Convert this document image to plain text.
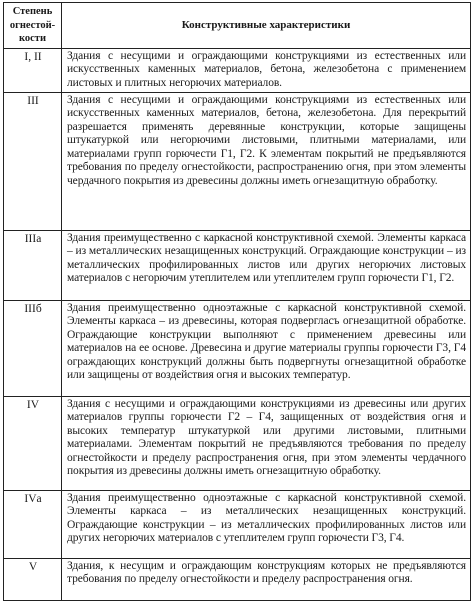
Степень огнестой-кости	Конструктивные характеристики
I, II	Здания с несущими и ограждающими конструкциями из естественных или искусственных каменных материалов, бетона, железобетона с применением листовых и плитных негорючих материалов.
III	Здания с несущими и ограждающими конструкциями из естественных или искусственных каменных материалов, бетона, железобетона. Для перекрытий разрешается применять деревянные конструкции, которые защищены штукатуркой или негорючими листовыми, плитными материалами, или материалами групп горючести Г1, Г2. К элементам покрытий не предъявляются требования по пределу огнестойкости, распространению огня, при этом элементы чердачного покрытия из древесины должны иметь огнезащитную обработку.
IIIа	Здания преимущественно с каркасной конструктивной схемой. Элементы каркаса – из металлических незащищенных конструкций. Ограждающие конструкции – из металлических профилированных листов или других негорючих листовых материалов с негорючим утеплителем или утеплителем групп горючести Г1, Г2.
IIIб	Здания преимущественно одноэтажные с каркасной конструктивной схемой. Элементы каркаса – из древесины, которая подвергласъ огнезащитной обработке. Ограждающие конструкции выполняют с применением древесины или материалов на ее основе. Древесина и другие материалы группы горючести Г3, Г4 ограждающих конструкций должны быть подвергнуты огнезащитной обработке или защищены от воздействия огня и высоких температур.
IV	Здания с несущими и ограждающими конструкциями из древесины или других материалов группы горючести Г2 – Г4, защищенных от воздействия огня и высоких температур штукатуркой или другими листовыми, плитными материалами. Элементам покрытий не предъявляются требования по пределу огнестойкости и пределу распространения огня, при этом элементы чердачного покрытия из древесины должны иметь огнезащитную обработку.
IVа	Здания преимущественно одноэтажные с каркасной конструктивной схемой. Элементы каркаса – из металлических незащищенных конструкций. Ограждающие конструкции – из металлических профилированных листов или других негорючих материалов с утеплителем групп горючести Г3, Г4.
V	Здания, к несущим и ограждающим конструкциям которых не предъявляются требования по пределу огнестойкости и пределу распространения огня.
